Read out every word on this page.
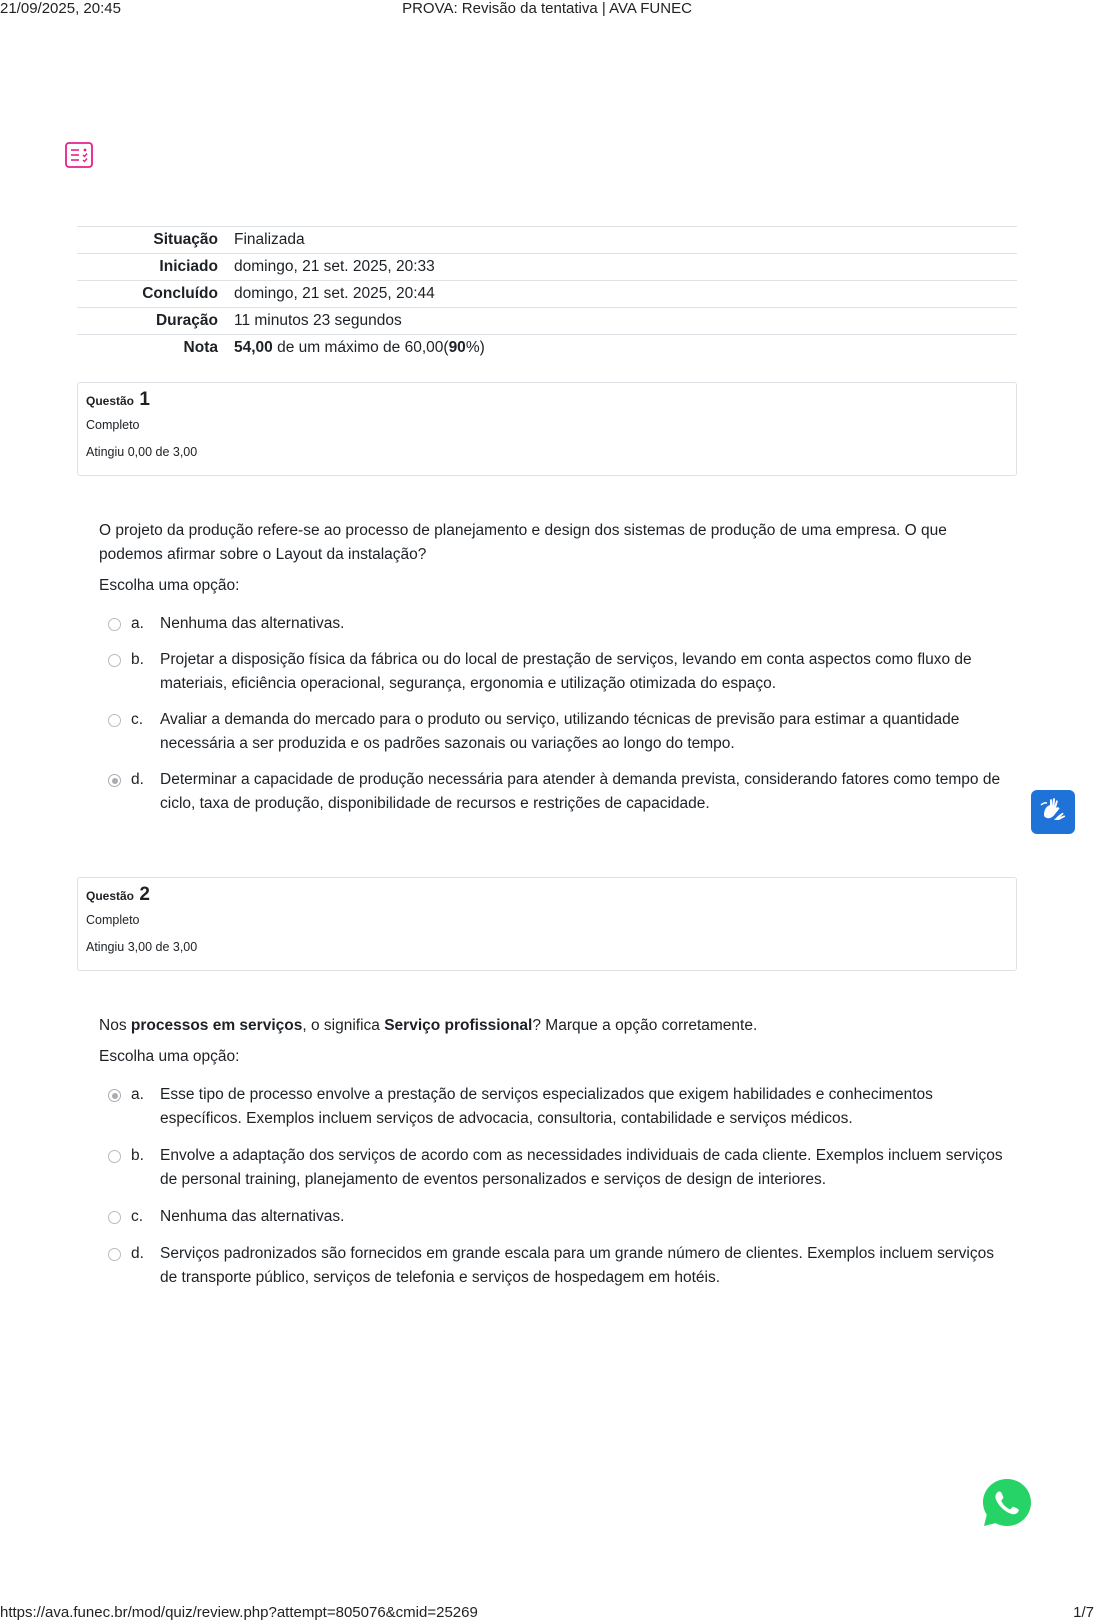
21/09/2025, 20:45	PROVA: Revisão da tentativa | AVA FUNEC
Situação	Finalizada
Iniciado	domingo, 21 set. 2025, 20:33
Concluído	domingo, 21 set. 2025, 20:44
Duração	11 minutos 23 segundos
Nota	54,00 de um máximo de 60,00(90%)
Questão 1
Completo
Atingiu 0,00 de 3,00
O projeto da produção refere-se ao processo de planejamento e design dos sistemas de produção de uma empresa. O que podemos afirmar sobre o Layout da instalação?
Escolha uma opção:
a. Nenhuma das alternativas.
b. Projetar a disposição física da fábrica ou do local de prestação de serviços, levando em conta aspectos como fluxo de materiais, eficiência operacional, segurança, ergonomia e utilização otimizada do espaço.
c. Avaliar a demanda do mercado para o produto ou serviço, utilizando técnicas de previsão para estimar a quantidade necessária a ser produzida e os padrões sazonais ou variações ao longo do tempo.
d. Determinar a capacidade de produção necessária para atender à demanda prevista, considerando fatores como tempo de ciclo, taxa de produção, disponibilidade de recursos e restrições de capacidade.
Questão 2
Completo
Atingiu 3,00 de 3,00
Nos processos em serviços, o significa Serviço profissional? Marque a opção corretamente.
Escolha uma opção:
a. Esse tipo de processo envolve a prestação de serviços especializados que exigem habilidades e conhecimentos específicos. Exemplos incluem serviços de advocacia, consultoria, contabilidade e serviços médicos.
b. Envolve a adaptação dos serviços de acordo com as necessidades individuais de cada cliente. Exemplos incluem serviços de personal training, planejamento de eventos personalizados e serviços de design de interiores.
c. Nenhuma das alternativas.
d. Serviços padronizados são fornecidos em grande escala para um grande número de clientes. Exemplos incluem serviços de transporte público, serviços de telefonia e serviços de hospedagem em hotéis.
https://ava.funec.br/mod/quiz/review.php?attempt=805076&cmid=25269	1/7
